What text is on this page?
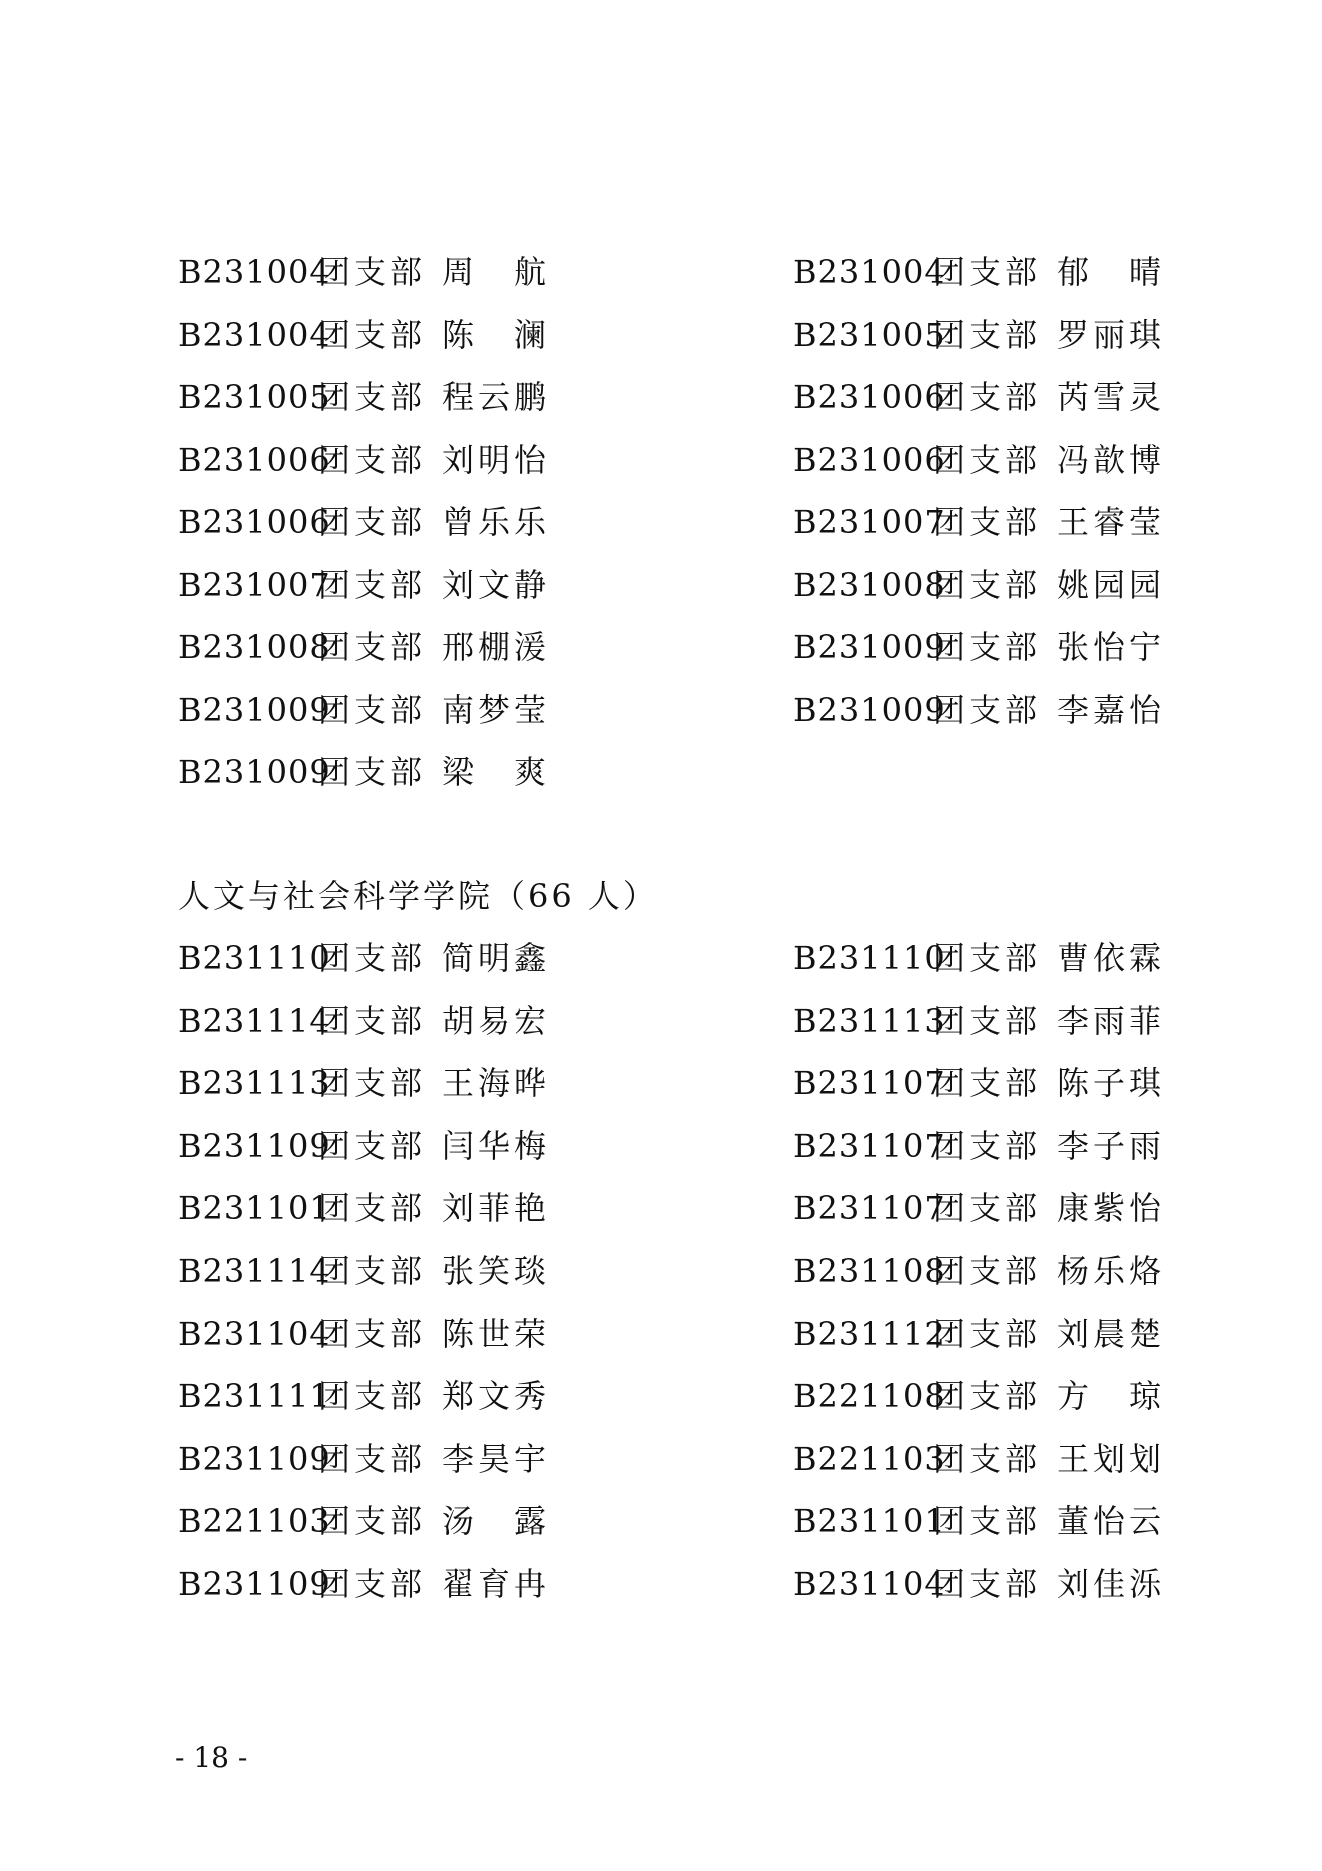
B231004团支部 周　航	B231004团支部 郁　晴
B231004团支部 陈　澜	B231005团支部 罗丽琪
B231005团支部 程云鹏	B231006团支部 芮雪灵
B231006团支部 刘明怡	B231006团支部 冯歆博
B231006团支部 曾乐乐	B231007团支部 王睿莹
B231007团支部 刘文静	B231008团支部 姚园园
B231008团支部 邢棚湲	B231009团支部 张怡宁
B231009团支部 南梦莹	B231009团支部 李嘉怡
B231009团支部 梁　爽
人文与社会科学学院（66 人）
B231110团支部 简明鑫	B231110团支部 曹依霖
B231114团支部 胡易宏	B231113团支部 李雨菲
B231113团支部 王海晔	B231107团支部 陈子琪
B231109团支部 闫华梅	B231107团支部 李子雨
B231101团支部 刘菲艳	B231107团支部 康紫怡
B231114团支部 张笑琰	B231108团支部 杨乐烙
B231104团支部 陈世荣	B231112团支部 刘晨楚
B231111团支部 郑文秀	B221108团支部 方　琼
B231109团支部 李昊宇	B221103团支部 王划划
B221103团支部 汤　露	B231101团支部 董怡云
B231109团支部 翟育冉	B231104团支部 刘佳泺
- 18 -
